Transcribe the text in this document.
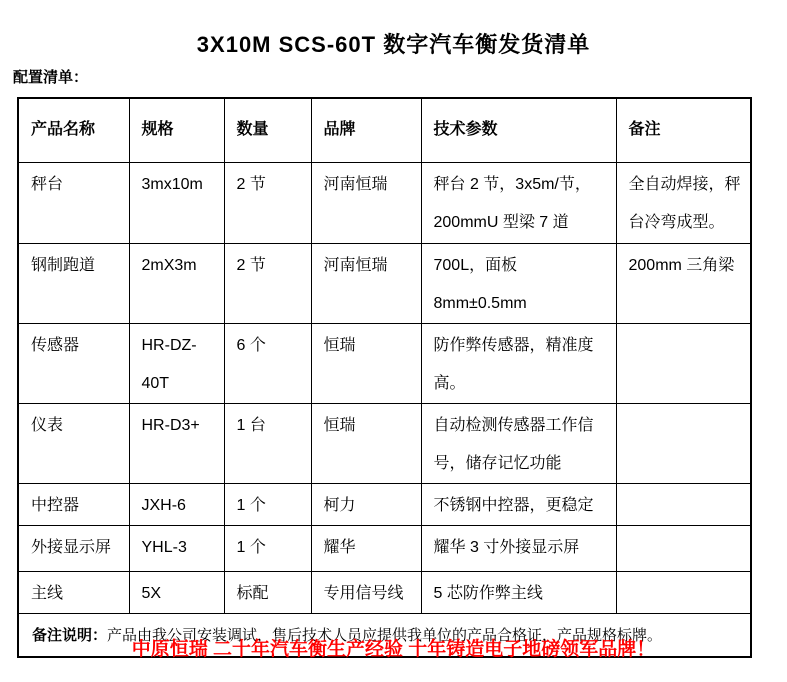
3X10M SCS-60T 数字汽车衡发货清单
配置清单：
产品名称	规格	数量	品牌	技术参数	备注
秤台	3mx10m	2 节	河南恒瑞	秤台 2 节，3x5m/节，200mmU 型梁 7 道	全自动焊接，秤台冷弯成型。
钢制跑道	2mX3m	2 节	河南恒瑞	700L，面板 8mm±0.5mm	200mm 三角梁
传感器	HR-DZ-40T	6 个	恒瑞	防作弊传感器，精准度高。	
仪表	HR-D3+	1 台	恒瑞	自动检测传感器工作信号，储存记忆功能	
中控器	JXH-6	1 个	柯力	不锈钢中控器，更稳定	
外接显示屏	YHL-3	1 个	耀华	耀华 3 寸外接显示屏	
主线	5X	标配	专用信号线	5 芯防作弊主线	
备注说明：产品由我公司安装调试，售后技术人员应提供我单位的产品合格证，产品规格标牌。					
中原恒瑞 二十年汽车衡生产经验 十年铸造电子地磅领军品牌！
